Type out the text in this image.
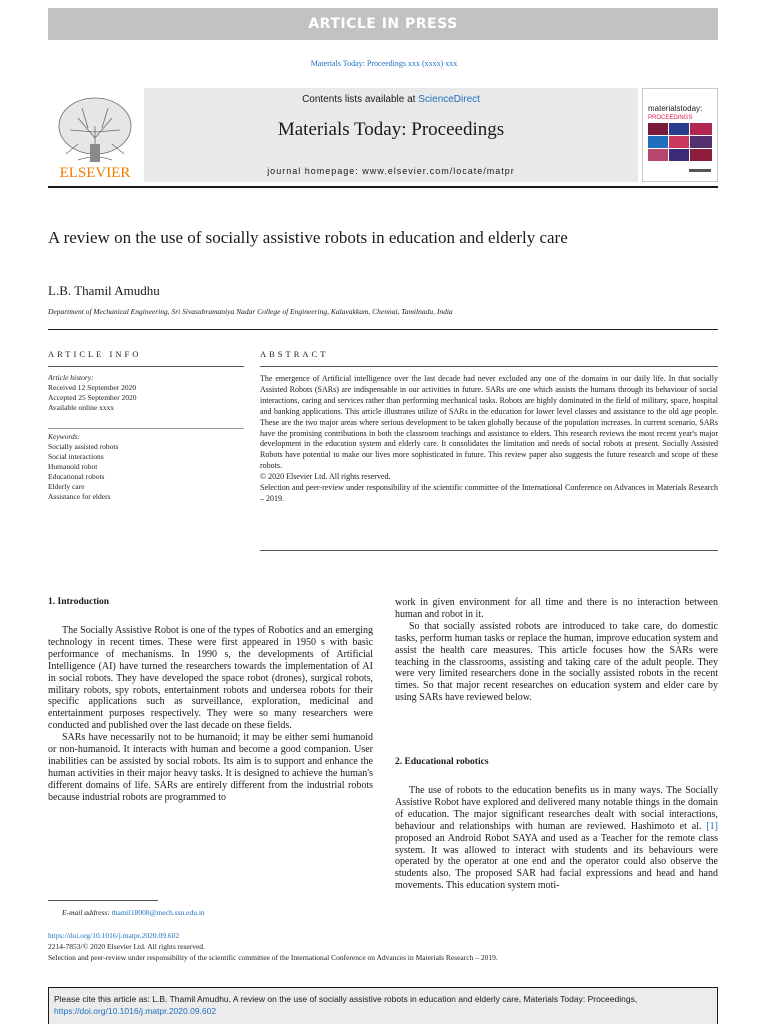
ARTICLE IN PRESS
Materials Today: Proceedings xxx (xxxx) xxx
ELSEVIER
Contents lists available at ScienceDirect
Materials Today: Proceedings
journal homepage: www.elsevier.com/locate/matpr
materialstoday:
PROCEEDINGS
A review on the use of socially assistive robots in education and elderly care
L.B. Thamil Amudhu
Department of Mechanical Engineering, Sri Sivasubramaniya Nadar College of Engineering, Kalavakkam, Chennai, Tamilnadu, India
ARTICLE INFO	ABSTRACT
Article history:
Received 12 September 2020
Accepted 25 September 2020
Available online xxxx
Keywords:
Socially assisted robots
Social interactions
Humanoid robot
Educational robots
Elderly care
Assistance for elders

The emergence of Artificial intelligence over the last decade had never excluded any one of the domains in our daily life. In that socially Assisted Robots (SARs) are indispensable in our activities in future. SARs are one which assists the humans through its behaviour of social interactions, caring and services rather than performing mechanical tasks. Robots are highly dominated in the field of military, space, hospital and banking applications. This article illustrates utilize of SARs in the education for lower level classes and assistance to the old age people. These are the two major areas where serious development to be taken globally because of the population increases. In current scenario, SARs have the promising contributions in both the classroom teachings and assistance to elders. This research reviews the most recent year's major development in the education system and elderly care. It consolidates the limitation and needs of social robots at present. Socially Assisted Robots have potential to make our lives more sophisticated in future. This review paper also suggests the future research and scope of these robots.

© 2020 Elsevier Ltd. All rights reserved.

Selection and peer-review under responsibility of the scientific committee of the International Conference on Advances in Materials Research – 2019.

1. Introduction

The Socially Assistive Robot is one of the types of Robotics and an emerging technology in recent times. These were first appeared in 1950 s with basic performance of mechanisms. In 1990 s, the developments of Artificial Intelligence (AI) have turned the researchers towards the implementation of AI in social robots. They have developed the space robot (drones), surgical robots, military robots, spy robots, entertainment robots and undersea robots for their specific applications such as surveillance, exploration, medicinal and entertainment purposes respectively. They were so many researchers were conducted and published over the last decade on these fields.

SARs have necessarily not to be humanoid; it may be either semi humanoid or non-humanoid. It interacts with human and become a good companion. User inabilities can be assisted by social robots. Its aim is to support and enhance the human activities in their major heavy tasks. It is designed to achieve the human's different domains of life. SARs are entirely different from the industrial robots because industrial robots are programmed to

work in given environment for all time and there is no interaction between human and robot in it.

So that socially assisted robots are introduced to take care, do domestic tasks, perform human tasks or replace the human, improve education system and assist the health care measures. This article focuses how the SARs were teaching in the classrooms, assisting and taking care of the adult people. They were very limited researchers done in the socially assisted robots in the recent times. So that major recent researches on education system and elder care by using SARs have reviewed below.

2. Educational robotics

The use of robots to the education benefits us in many ways. The Socially Assistive Robot have explored and delivered many notable things in the domain of education. The major significant researches dealt with social interactions, behaviour and relationships with human are reviewed. Hashimoto et al. [1] proposed an Android Robot SAYA and used as a Teacher for the remote class system. It was allowed to interact with students and its behaviours were operated by the operator at one end and the operator could also observe the students also. The proposed SAR had facial expressions and head and hand movements. This education system moti-

E-mail address: thamil18008@mech.ssn.edu.in
https://doi.org/10.1016/j.matpr.2020.09.602
2214-7853/© 2020 Elsevier Ltd. All rights reserved.
Selection and peer-review under responsibility of the scientific committee of the International Conference on Advances in Materials Research – 2019.
Please cite this article as: L.B. Thamil Amudhu, A review on the use of socially assistive robots in education and elderly care, Materials Today: Proceedings,
https://doi.org/10.1016/j.matpr.2020.09.602
